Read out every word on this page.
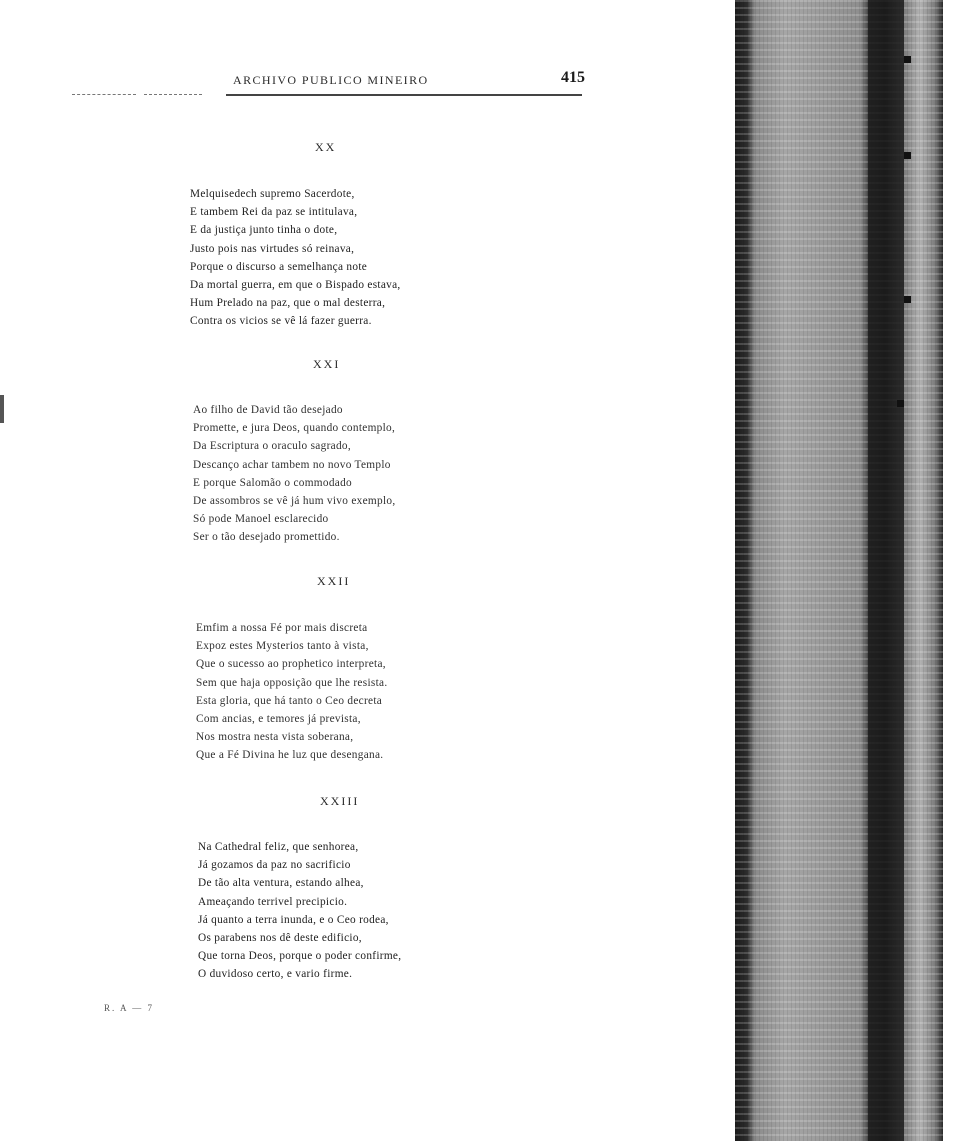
ARCHIVO PUBLICO MINEIRO	415
XX
Melquisedech supremo Sacerdote,
E tambem Rei da paz se intitulava,
E da justiça junto tinha o dote,
Justo pois nas virtudes só reinava,
Porque o discurso a semelhança note
Da mortal guerra, em que o Bispado estava,
Hum Prelado na paz, que o mal desterra,
Contra os vicios se vê lá fazer guerra.
XXI
Ao filho de David tão desejado
Promette, e jura Deos, quando contemplo,
Da Escriptura o oraculo sagrado,
Descanço achar tambem no novo Templo
E porque Salomão o commodado
De assombros se vê já hum vivo exemplo,
Só pode Manoel esclarecido
Ser o tão desejado promettido.
XXII
Emfim a nossa Fé por mais discreta
Expoz estes Mysterios tanto à vista,
Que o sucesso ao prophetico interpreta,
Sem que haja opposição que lhe resista.
Esta gloria, que há tanto o Ceo decreta
Com ancias, e temores já prevista,
Nos mostra nesta vista soberana,
Que a Fé Divina he luz que desengana.
XXIII
Na Cathedral feliz, que senhorea,
Já gozamos da paz no sacrificio
De tão alta ventura, estando alhea,
Ameaçando terrivel precipicio.
Já quanto a terra inunda, e o Ceo rodea,
Os parabens nos dê deste edificio,
Que torna Deos, porque o poder confirme,
O duvidoso certo, e vario firme.
R. A — 7
